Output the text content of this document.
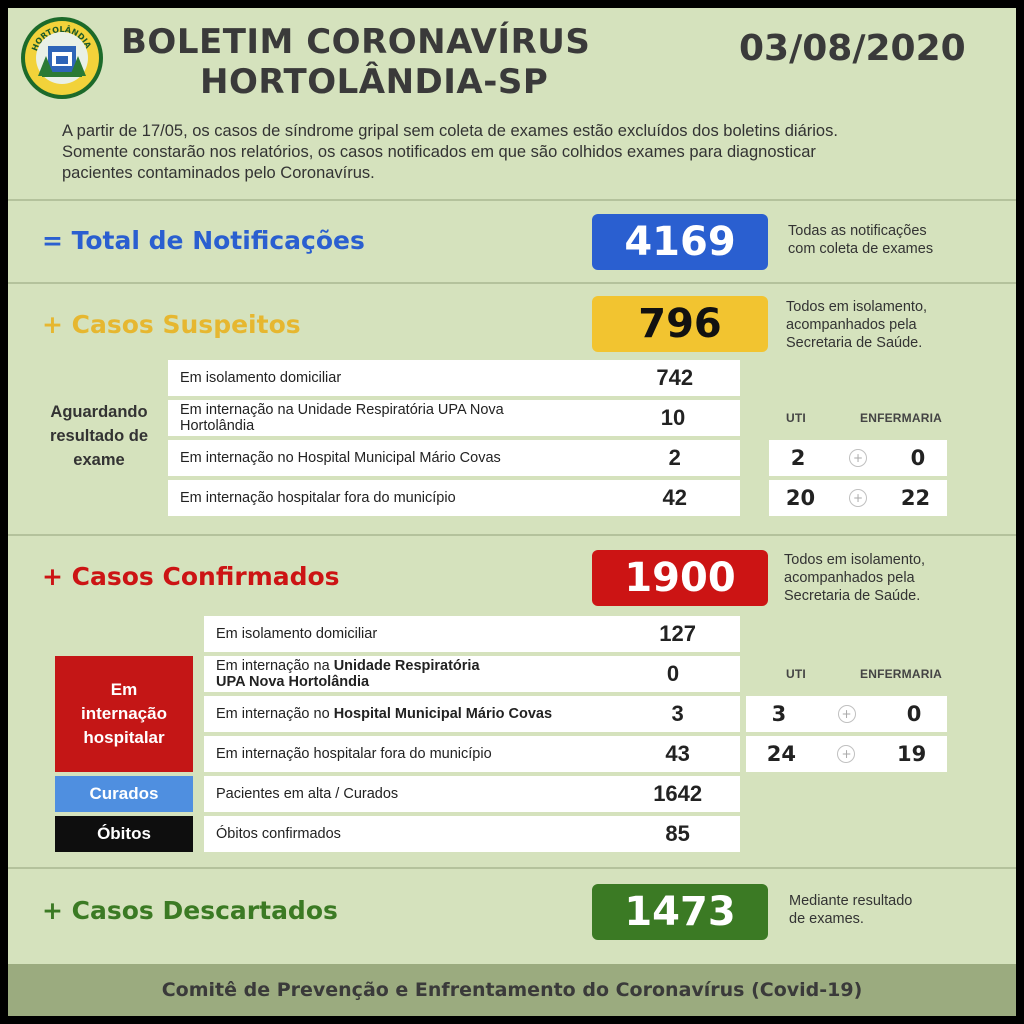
HORTOLÂNDIA BOLETIM CORONAVÍRUS
HORTOLÂNDIA-SP
03/08/2020
A partir de 17/05, os casos de síndrome gripal sem coleta de exames estão excluídos dos boletins diários.
Somente constarão nos relatórios, os casos notificados em que são colhidos exames para diagnosticar
pacientes contaminados pelo Coronavírus.
= Total de Notificações	4169	Todas as notificações
com coleta de exames
+ Casos Suspeitos	796	Todos em isolamento,
acompanhados pela
Secretaria de Saúde.
Aguardando
resultado de
exame
Em isolamento domiciliar	742
Em internação na Unidade Respiratória UPA Nova Hortolândia	10
Em internação no Hospital Municipal Mário Covas	2
Em internação hospitalar fora do município	42
UTI	ENFERMARIA
2	+ 0
20	+ 22
+ Casos Confirmados	1900	Todos em isolamento,
acompanhados pela
Secretaria de Saúde.
Em
internação
hospitalar
Curados
Óbitos
Em isolamento domiciliar	127
Em internação na Unidade Respiratória
UPA Nova Hortolândia	0
Em internação no Hospital Municipal Mário Covas	3
Em internação hospitalar fora do município	43
Pacientes em alta / Curados	1642
Óbitos confirmados	85
UTI	ENFERMARIA
3	+	0
24	+ 19
+ Casos Descartados	1473	Mediante resultado
de exames.
Comitê de Prevenção e Enfrentamento do Coronavírus (Covid-19)
